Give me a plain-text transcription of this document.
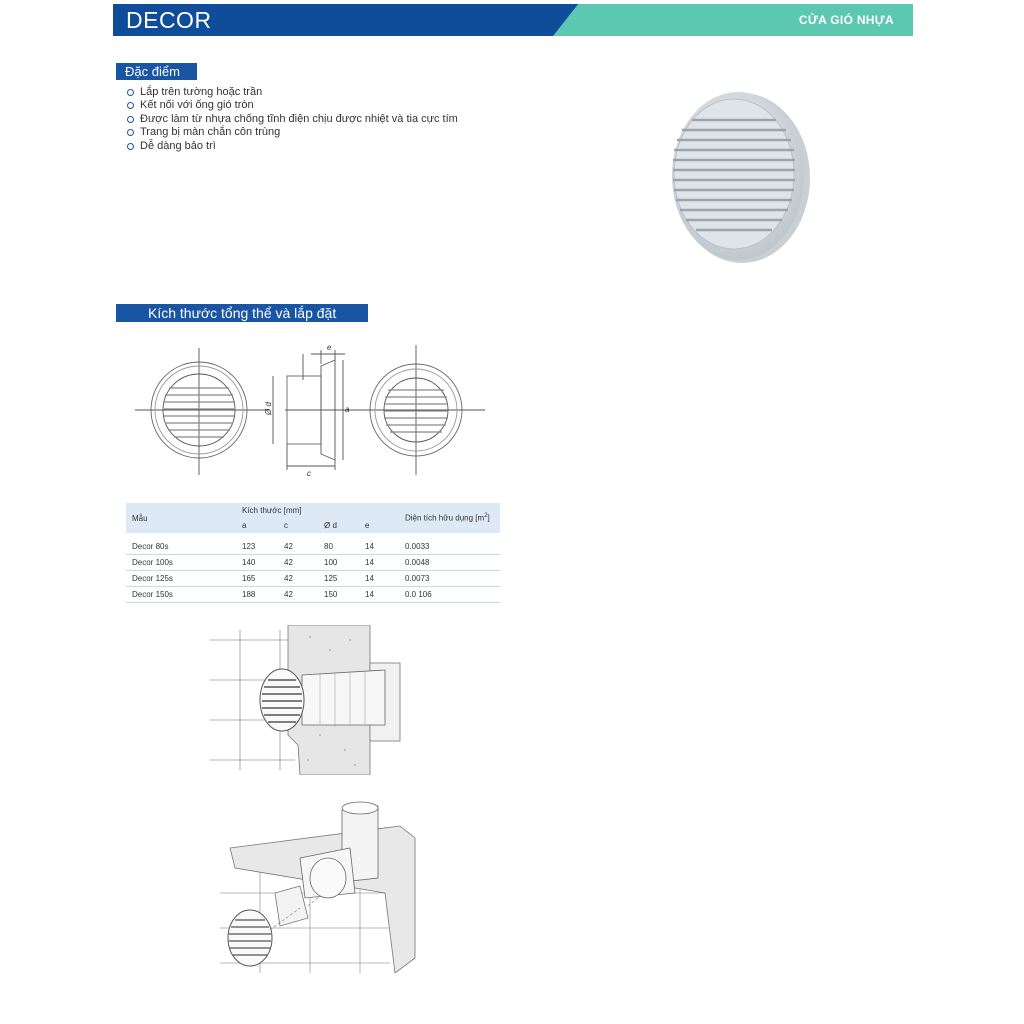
DECOR	CỬA GIÓ NHỰA
Đặc điểm
Lắp trên tường hoặc trần
Kết nối với ống gió tròn
Được làm từ nhựa chống tĩnh điện chịu được nhiệt và tia cực tím
Trang bị màn chắn côn trùng
Dễ dàng bảo trì
Kích thước tổng thể và lắp đặt
e
c
Ø d	a
Mẫu	Kích thước [mm]				Diện tích hữu dụng $[m^2]$
	a	c	Ø d	e	
Decor 80s	123	42	80	14	0.0033
Decor 100s	140	42	100	14	0.0048
Decor 125s	165	42	125	14	0.0073
Decor 150s	188	42	150	14	0.0 106
